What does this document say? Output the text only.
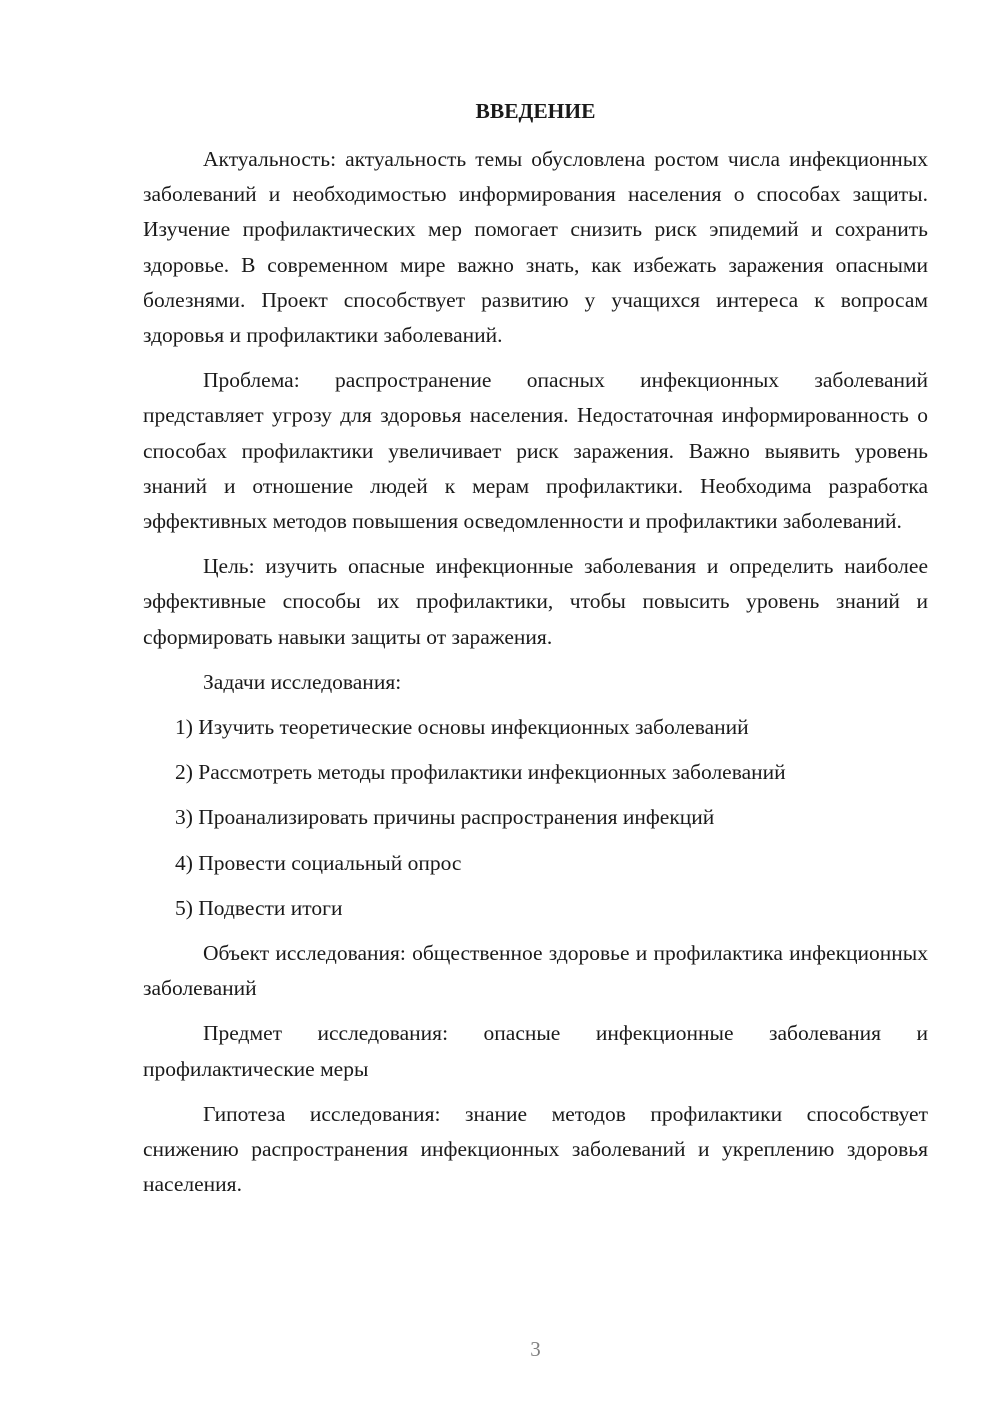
ВВЕДЕНИЕ

Актуальность: актуальность темы обусловлена ростом числа инфекционных заболеваний и необходимостью информирования населения о способах защиты. Изучение профилактических мер помогает снизить риск эпидемий и сохранить здоровье. В современном мире важно знать, как избежать заражения опасными болезнями. Проект способствует развитию у учащихся интереса к вопросам здоровья и профилактики заболеваний.

Проблема: распространение опасных инфекционных заболеваний представляет угрозу для здоровья населения. Недостаточная информированность о способах профилактики увеличивает риск заражения. Важно выявить уровень знаний и отношение людей к мерам профилактики. Необходима разработка эффективных методов повышения осведомленности и профилактики заболеваний.

Цель: изучить опасные инфекционные заболевания и определить наиболее эффективные способы их профилактики, чтобы повысить уровень знаний и сформировать навыки защиты от заражения.

Задачи исследования:

1) Изучить теоретические основы инфекционных заболеваний
2) Рассмотреть методы профилактики инфекционных заболеваний
3) Проанализировать причины распространения инфекций
4) Провести социальный опрос
5) Подвести итоги

Объект исследования: общественное здоровье и профилактика инфекционных заболеваний

Предмет исследования: опасные инфекционные заболевания и профилактические меры

Гипотеза исследования: знание методов профилактики способствует снижению распространения инфекционных заболеваний и укреплению здоровья населения.

3
